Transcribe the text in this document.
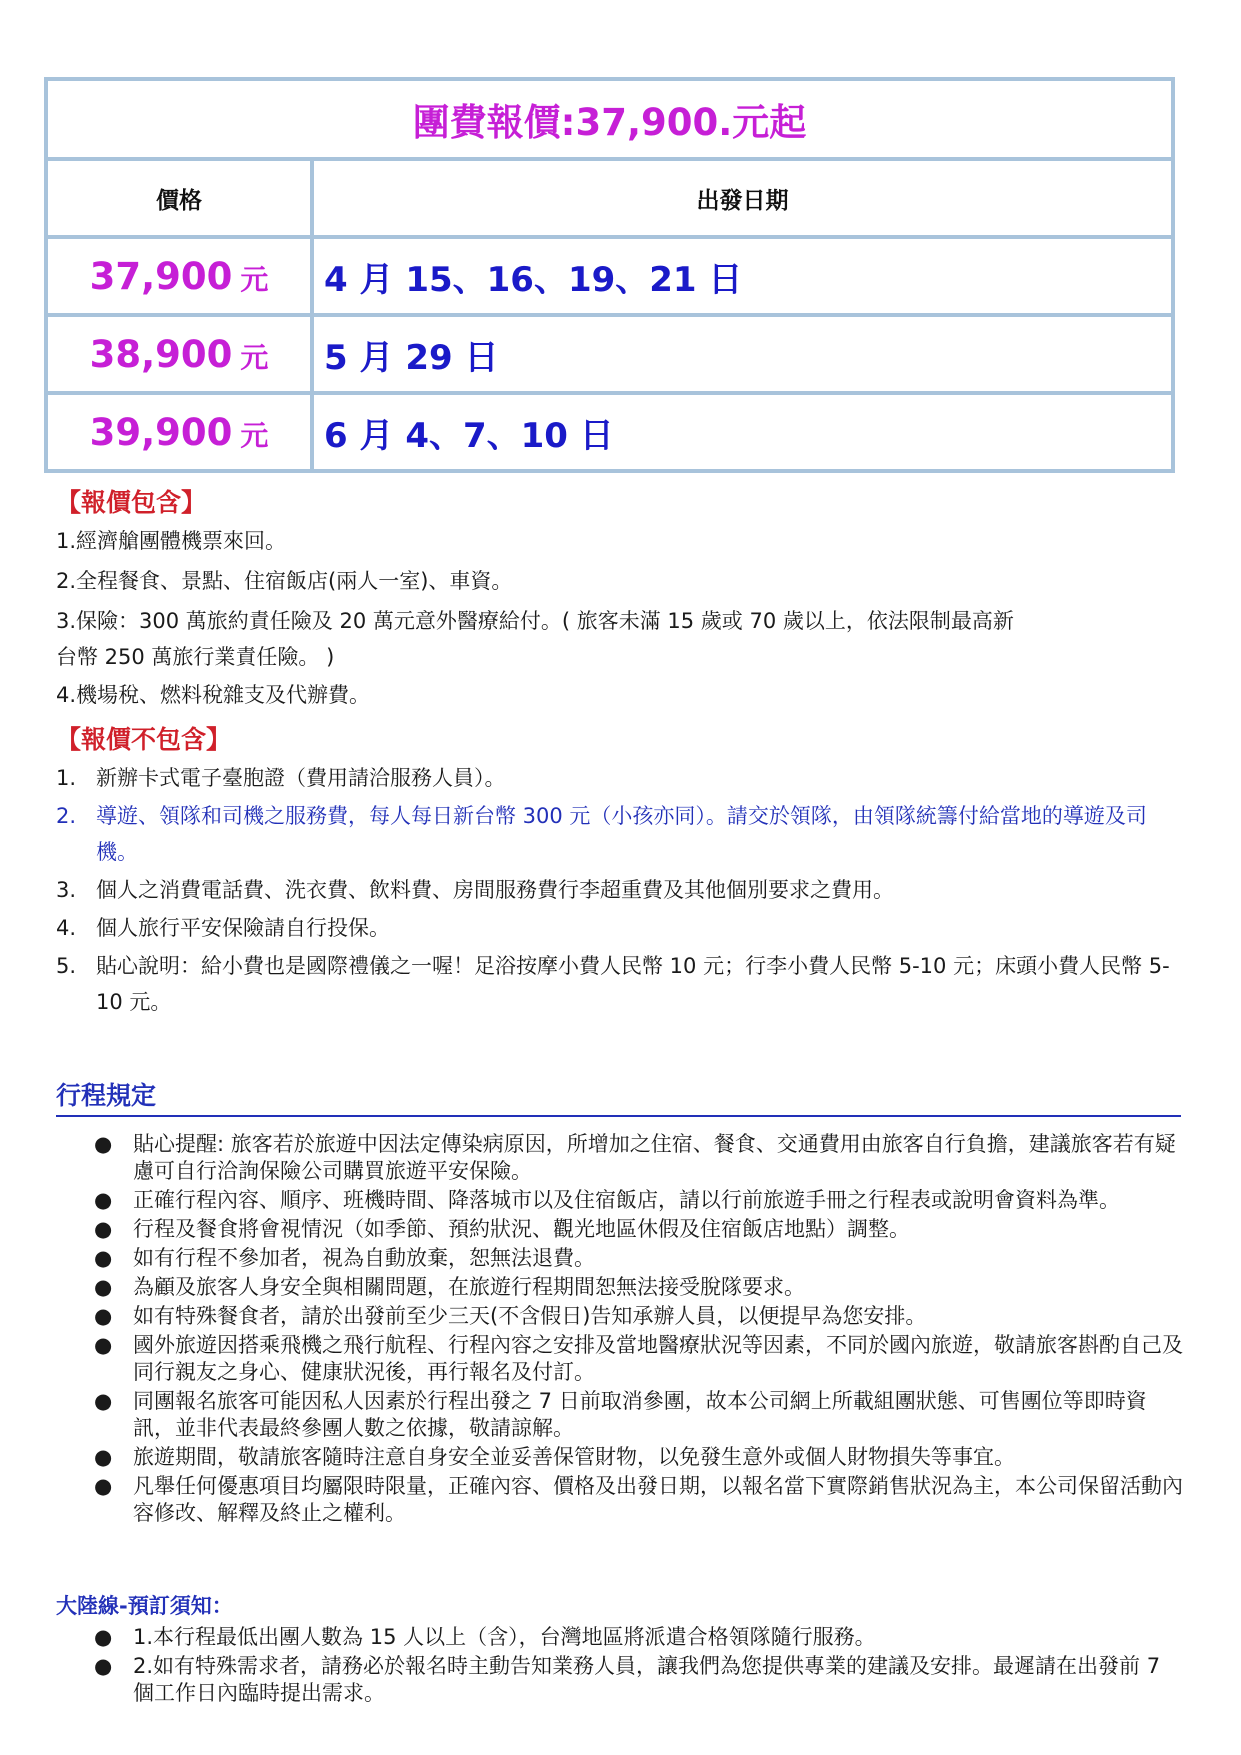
團費報價:37,900.元起	
價格	出發日期
37,900 元	4 月 15、16、19、21 日
38,900 元	5 月 29 日
39,900 元	6 月 4、7、10 日
【報價包含】
1.經濟艙團體機票來回。
2.全程餐食、景點、住宿飯店(兩人一室)、車資。
3.保險：300 萬旅約責任險及 20 萬元意外醫療給付。( 旅客未滿 15 歲或 70 歲以上，依法限制最高新
台幣 250 萬旅行業責任險。 )
4.機場稅、燃料稅雜支及代辦費。
【報價不包含】
1. 新辦卡式電子臺胞證（費用請洽服務人員）。
2. 導遊、領隊和司機之服務費，每人每日新台幣 300 元（小孩亦同）。請交於領隊，由領隊統籌付給當地的導遊及司機。
3. 個人之消費電話費、洗衣費、飲料費、房間服務費行李超重費及其他個別要求之費用。
4. 個人旅行平安保險請自行投保。
5. 貼心說明：給小費也是國際禮儀之一喔！足浴按摩小費人民幣 10 元；行李小費人民幣 5-10 元；床頭小費人民幣 5-10 元。
行程規定
● 貼心提醒: 旅客若於旅遊中因法定傳染病原因，所增加之住宿、餐食、交通費用由旅客自行負擔，建議旅客若有疑慮可自行洽詢保險公司購買旅遊平安保險。
● 正確行程內容、順序、班機時間、降落城市以及住宿飯店，請以行前旅遊手冊之行程表或說明會資料為準。
● 行程及餐食將會視情況（如季節、預約狀況、觀光地區休假及住宿飯店地點）調整。
● 如有行程不參加者，視為自動放棄，恕無法退費。
● 為顧及旅客人身安全與相關問題，在旅遊行程期間恕無法接受脫隊要求。
● 如有特殊餐食者，請於出發前至少三天(不含假日)告知承辦人員，以便提早為您安排。
● 國外旅遊因搭乘飛機之飛行航程、行程內容之安排及當地醫療狀況等因素，不同於國內旅遊，敬請旅客斟酌自己及同行親友之身心、健康狀況後，再行報名及付訂。
● 同團報名旅客可能因私人因素於行程出發之 7 日前取消參團，故本公司網上所載組團狀態、可售團位等即時資訊，並非代表最終參團人數之依據，敬請諒解。
● 旅遊期間，敬請旅客隨時注意自身安全並妥善保管財物，以免發生意外或個人財物損失等事宜。
● 凡舉任何優惠項目均屬限時限量，正確內容、價格及出發日期，以報名當下實際銷售狀況為主，本公司保留活動內容修改、解釋及終止之權利。
大陸線-預訂須知：
● 1.本行程最低出團人數為 15 人以上（含），台灣地區將派遣合格領隊隨行服務。
● 2.如有特殊需求者，請務必於報名時主動告知業務人員，讓我們為您提供專業的建議及安排。最遲請在出發前 7 個工作日內臨時提出需求。
